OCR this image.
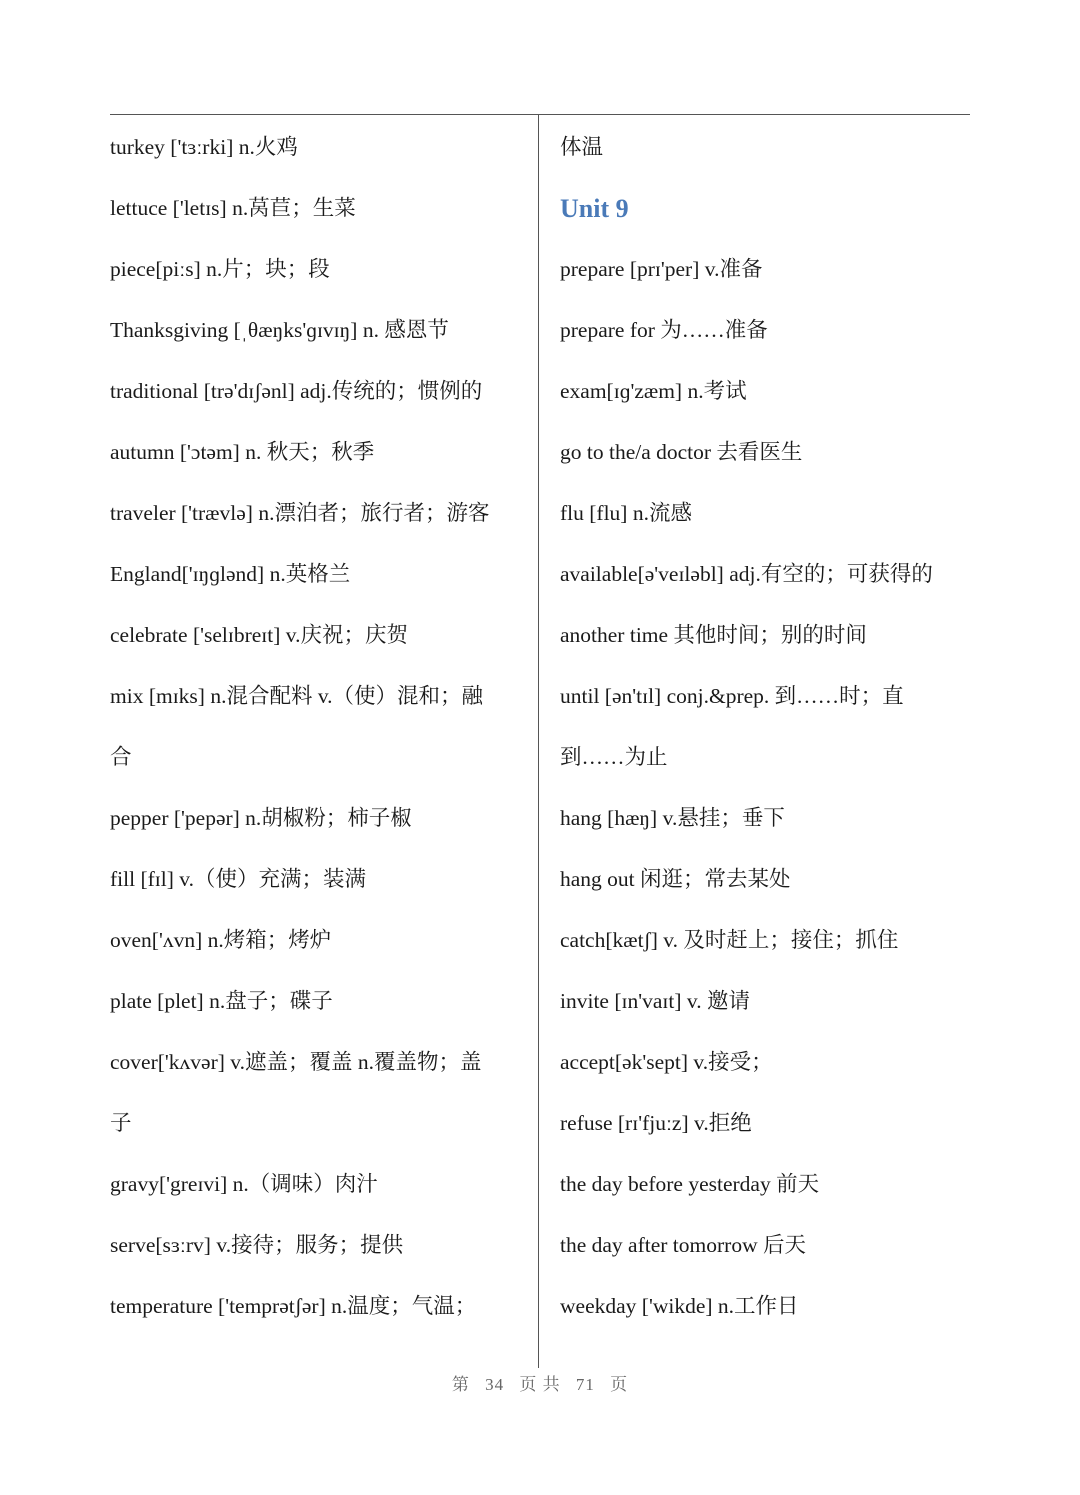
turkey ['tɜːrki] n.火鸡
lettuce ['letɪs] n.莴苣；生菜
piece[piːs] n.片；块；段
Thanksgiving [ˌθæŋks'ɡɪvɪŋ] n. 感恩节
traditional [trə'dɪʃənl] adj.传统的；惯例的
autumn ['ɔtəm] n. 秋天；秋季
traveler ['trævlə] n.漂泊者；旅行者；游客
England['ɪŋɡlənd] n.英格兰
celebrate ['selɪbreɪt] v.庆祝；庆贺
mix [mɪks] n.混合配料 v.（使）混和；融
合
pepper ['pepər] n.胡椒粉；柿子椒
fill [fɪl] v.（使）充满；装满
oven['ʌvn] n.烤箱；烤炉
plate [plet] n.盘子；碟子
cover['kʌvər] v.遮盖；覆盖 n.覆盖物；盖
子
gravy['greɪvi] n.（调味）肉汁
serve[sɜːrv] v.接待；服务；提供
temperature ['temprətʃər] n.温度；气温；
体温
Unit 9
prepare [prɪ'per] v.准备
prepare for 为……准备
exam[ɪɡ'zæm] n.考试
go to the/a doctor 去看医生
flu [flu] n.流感
available[ə'veɪləbl] adj.有空的；可获得的
another time 其他时间；别的时间
until [ən'tɪl] conj.&prep. 到……时；直
到……为止
hang [hæŋ] v.悬挂；垂下
hang out 闲逛；常去某处
catch[kætʃ] v. 及时赶上；接住；抓住
invite [ɪn'vaɪt] v. 邀请
accept[ək'sept] v.接受；
refuse [rɪ'fjuːz] v.拒绝
the day before yesterday 前天
the day after tomorrow 后天
weekday ['wikde] n.工作日
第 34 页 共 71 页
